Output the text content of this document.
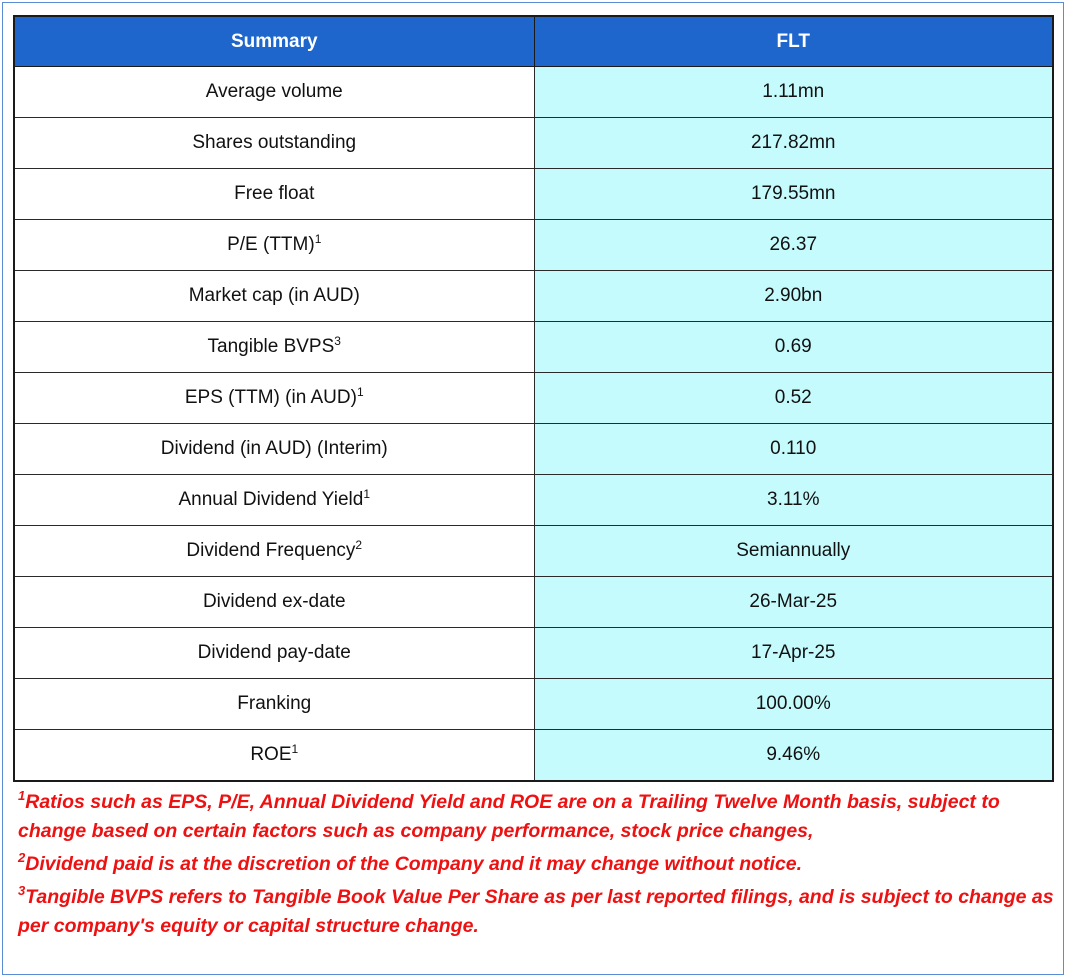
Summary	FLT
Average volume	1.11mn
Shares outstanding	217.82mn
Free float	179.55mn
P/E (TTM)$^1$	26.37
Market cap (in AUD)	2.90bn
Tangible BVPS$^3$	0.69
EPS (TTM) (in AUD)$^1$	0.52
Dividend (in AUD) (Interim)	0.110
Annual Dividend Yield$^1$	3.11%
Dividend Frequency$^2$	Semiannually
Dividend ex-date	26-Mar-25
Dividend pay-date	17-Apr-25
Franking	100.00%
ROE$^1$	9.46%

$^1$Ratios such as EPS, P/E, Annual Dividend Yield and ROE are on a Trailing Twelve Month basis, subject to change based on certain factors such as company performance, stock price changes,

$^2$Dividend paid is at the discretion of the Company and it may change without notice.

$^3$Tangible BVPS refers to Tangible Book Value Per Share as per last reported filings, and is subject to change as per company's equity or capital structure change.
